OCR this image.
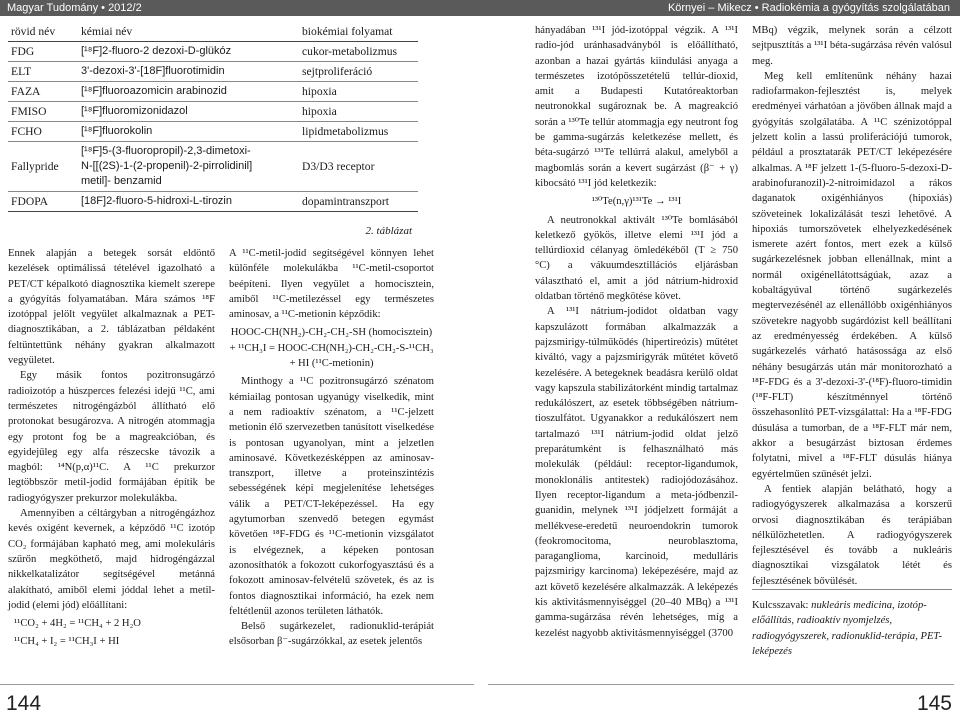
Magyar Tudomány • 2012/2
rövid név	kémiai név	biokémiai folyamat
FDG	[¹⁸F]2-fluoro-2 dezoxi-D-glükóz	cukor-metabolizmus
ELT	3'-dezoxi-3'-[18F]fluorotimidin	sejtproliferáció
FAZA	[¹⁸F]fluoroazomicin arabinozid	hipoxia
FMISO	[¹⁸F]fluoromizonidazol	hipoxia
FCHO	[¹⁸F]fluorokolin	lipidmetabolizmus
Fallypride	[¹⁸F]5-(3-fluoropropil)-2,3-dimetoxi-
N-[[(2S)-1-(2-propenil)-2-pirrolidinil]
metil]- benzamid	D3/D3 receptor
FDOPA	[18F]2-fluoro-5-hidroxi-L-tirozin	dopamintranszport
2. táblázat

Ennek alapján a betegek sorsát eldöntő kezelések optimálissá tételével igazolható a PET/CT képalkotó diagnosztika kiemelt szerepe a gyógyítás folyamatában. Mára számos ¹⁸F izotóppal jelölt vegyület alkalmaznak a PET-diagnosztikában, a 2. táblázatban példaként feltüntettünk néhány gyakran alkalmazott vegyületet.

Egy másik fontos pozitronsugárzó radioizotóp a húszperces felezési idejű ¹¹C, ami természetes nitrogéngázból állítható elő protonokat besugározva. A nitrogén atommagja egy protont fog be a magreakcióban, és egyidejűleg egy alfa részecske távozik a magból: ¹⁴N(p,α)¹¹C. A ¹¹C prekurzor legtöbbször metil-jodid formájában építik be radiogyógyszer prekurzor molekulákba.

Amennyiben a céltárgyban a nitrogéngázhoz kevés oxigént kevernek, a képződő ¹¹C izotóp CO₂ formájában kapható meg, ami molekuláris szűrőn megköthető, majd hidrogéngázzal nikkelkatalizátor segítségével metánná alakítható, amiből elemi jóddal lehet a metil-jodid (elemi jód) előállítani:

¹¹CO₂ + 4H₂ = ¹¹CH₄ + 2 H₂O

¹¹CH₄ + I₂ = ¹¹CH₃I + HI

A ¹¹C-metil-jodid segítségével könnyen lehet különféle molekulákba ¹¹C-metil-csoportot beépíteni. Ilyen vegyület a homocisztein, amiből ¹¹C-metilezéssel egy természetes aminosav, a ¹¹C-metionin képződik:

HOOC-CH(NH₂)-CH₂-CH₂-SH (homocisztein) + ¹¹CH₃I = HOOC-CH(NH₂)-CH₂-CH₂-S-¹¹CH₃ + HI (¹¹C-metionin)

Minthogy a ¹¹C pozitronsugárzó szénatom kémiailag pontosan ugyanúgy viselkedik, mint a nem radioaktív szénatom, a ¹¹C-jelzett metionin élő szervezetben tanúsított viselkedése is pontosan ugyanolyan, mint a jelzetlen aminosavé. Következésképpen az aminosav-transzport, illetve a proteinszintézis sebességének képi megjelenítése lehetséges válik a PET/CT-leképezéssel. Ha egy agytumorban szenvedő betegen egymást követően ¹⁸F-FDG és ¹¹C-metionin vizsgálatot is elvégeznek, a képeken pontosan azonosíthatók a fokozott cukorfogyasztású és a fokozott aminosav-felvételű szövetek, és az is fontos diagnosztikai információ, ha ezek nem feltétlenül azonos területen láthatók.

Belső sugárkezelet, radionuklid-terápiát elsősorban β⁻-sugárzókkal, az esetek jelentős

144
Környei – Mikecz • Radiokémia a gyógyítás szolgálatában

hányadában ¹³¹I jód-izotóppal végzik. A ¹³¹I radio-jód uránhasadványból is előállítható, azonban a hazai gyártás kiindulási anyaga a természetes izotópösszetételű tellúr-dioxid, amit a Budapesti Kutatóreaktorban neutronokkal sugároznak be. A magreakció során a ¹³⁰Te tellúr atommagja egy neutront fog be gamma-sugárzás keletkezése mellett, és béta-sugárzó ¹³¹Te tellúrrá alakul, amelyből a magbomlás során a kevert sugárzást (β⁻ + γ) kibocsátó ¹³¹I jód keletkezik:

¹³⁰Te(n,γ)¹³¹Te → ¹³¹I

A neutronokkal aktivált ¹³⁰Te bomlásából keletkező gyökös, illetve elemi ¹³¹I jód a tellúrdioxid célanyag ömledékéből (T ≥ 750 °C) a vákuumdesztillációs eljárásban választható el, amit a jód nátrium-hidroxid oldatban történő megkötése követ.

A ¹³¹I nátrium-jodidot oldatban vagy kapszulázott formában alkalmazzák a pajzsmirigy-túlműködés (hipertireózis) műtétet kiváltó, vagy a pajzsmirigyrák műtétet követő kezelésére. A betegeknek beadásra kerülő oldat vagy kapszula stabilizátorként mindig tartalmaz redukálószert, az esetek többségében nátrium-tioszulfátot. Ugyanakkor a redukálószert nem tartalmazó ¹³¹I nátrium-jodid oldat jelző preparátumként is felhasználható más molekulák (például: receptor-ligandumok, monoklonális antitestek) radiojódozásához. Ilyen receptor-ligandum a meta-jódbenzil-guanidin, melynek ¹³¹I jódjelzett formáját a mellékvese-eredetű neuroendokrin tumorok (feokromocitoma, neuroblasztoma, paraganglioma, karcinoid, medulláris pajzsmirigy karcinoma) leképezésére, majd az azt követő kezelésére alkalmazzák. A leképezés kis aktivitásmennyiséggel (20–40 MBq) a ¹³¹I gamma-sugárzása révén lehetséges, míg a kezelést nagyobb aktivitásmennyiséggel (3700

MBq) végzik, melynek során a célzott sejtpusztítás a ¹³¹I béta-sugárzása révén valósul meg.

Meg kell említenünk néhány hazai radiofarmakon-fejlesztést is, melyek eredményei várhatóan a jövőben állnak majd a gyógyítás szolgálatába. A ¹¹C szénizotóppal jelzett kolin a lassú proliferációjú tumorok, például a prosztatarák PET/CT leképezésére alkalmas. A ¹⁸F jelzett 1-(5-fluoro-5-dezoxi-D-arabinofuranozil)-2-nitroimidazol a rákos daganatok oxigénhiányos (hipoxiás) szöveteinek lokalizálását teszi lehetővé. A hipoxiás tumorszövetek elhelyezkedésének ismerete azért fontos, mert ezek a külső sugárkezelésnek jobban ellenállnak, mint a normál oxigénellátottságúak, azaz a kobaltágyúval történő sugárkezelés megtervezésénél az ellenállóbb oxigénhiányos szövetekre nagyobb sugárdózist kell beállítani az eredményesség érdekében. A külső sugárkezelés várható hatásossága az első néhány besugárzás után már monitorozható a ¹⁸F-FDG és a 3'-dezoxi-3'-(¹⁸F)-fluoro-timidin (¹⁸F-FLT) készítménnyel történő összehasonlító PET-vizsgálattal: Ha a ¹⁸F-FDG dúsulása a tumorban, de a ¹⁸F-FLT már nem, akkor a besugárzást biztosan érdemes folytatni, mivel a ¹⁸F-FLT dúsulás hiánya egyértelműen szűnését jelzi.

A fentiek alapján belátható, hogy a radiogyógyszerek alkalmazása a korszerű orvosi diagnosztikában és terápiában nélkülözhetetlen. A radiogyógyszerek fejlesztésével és tovább a nukleáris diagnosztikai vizsgálatok létét és fejlesztésének bővülését.

Kulcsszavak: nukleáris medicina, izotóp-előállítás, radioaktív nyomjelzés, radiogyógyszerek, radionuklid-terápia, PET-leképezés

145
